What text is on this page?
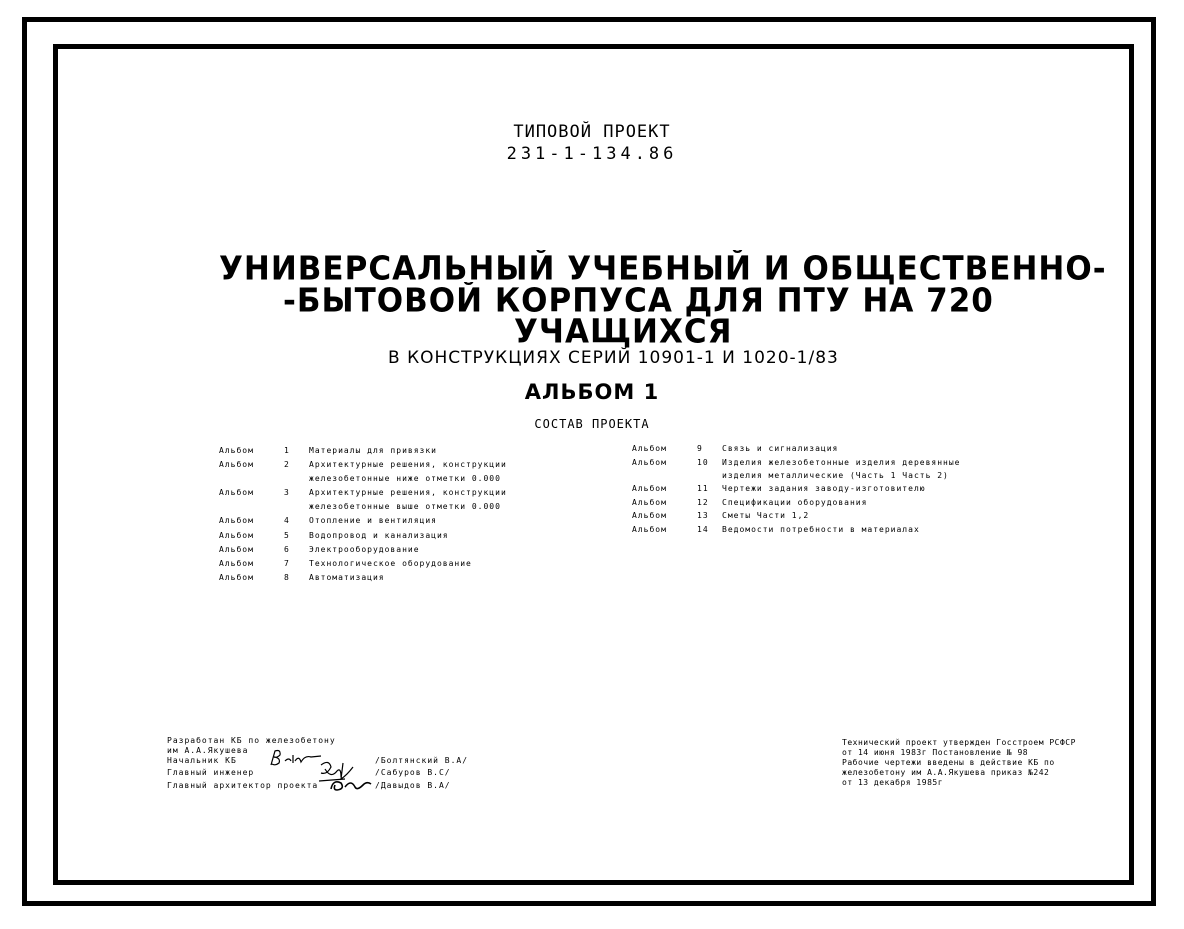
ТИПОВОЙ ПРОЕКТ
231-1-134.86
УНИВЕРСАЛЬНЫЙ УЧЕБНЫЙ И ОБЩЕСТВЕННО-
-БЫТОВОЙ КОРПУСА ДЛЯ ПТУ НА 720
УЧАЩИХСЯ
В КОНСТРУКЦИЯХ СЕРИЙ 10901-1 И 1020-1/83
АЛЬБОМ 1
СОСТАВ ПРОЕКТА
Альбом	1 Материалы для привязки
Альбом	2 Архитектурные решения, конструкции
железобетонные ниже отметки 0.000
Альбом	3 Архитектурные решения, конструкции
железобетонные выше отметки 0.000
Альбом	4 Отопление и вентиляция
Альбом	5 Водопровод и канализация
Альбом	6 Электрооборудование
Альбом	7 Технологическое оборудование
Альбом	8 Автоматизация
Альбом	9 Связь и сигнализация
Альбом	10 Изделия железобетонные изделия деревянные
изделия металлические (Часть 1 Часть 2)
Альбом	11 Чертежи задания заводу-изготовителю
Альбом	12 Спецификации оборудования
Альбом	13 Сметы Части 1,2
Альбом	14 Ведомости потребности в материалах
Разработан КБ по железобетону
им А.А.Якушева
Начальник КБ	/Болтянский В.А/
Главный инженер	/Сабуров В.С/
Главный архитектор проекта	/Давыдов В.А/
Технический проект утвержден Госстроем РСФСР
от 14 июня 1983г Постановление № 98
Рабочие чертежи введены в действие КБ по
железобетону им А.А.Якушева приказ №242
от 13 декабря 1985г
